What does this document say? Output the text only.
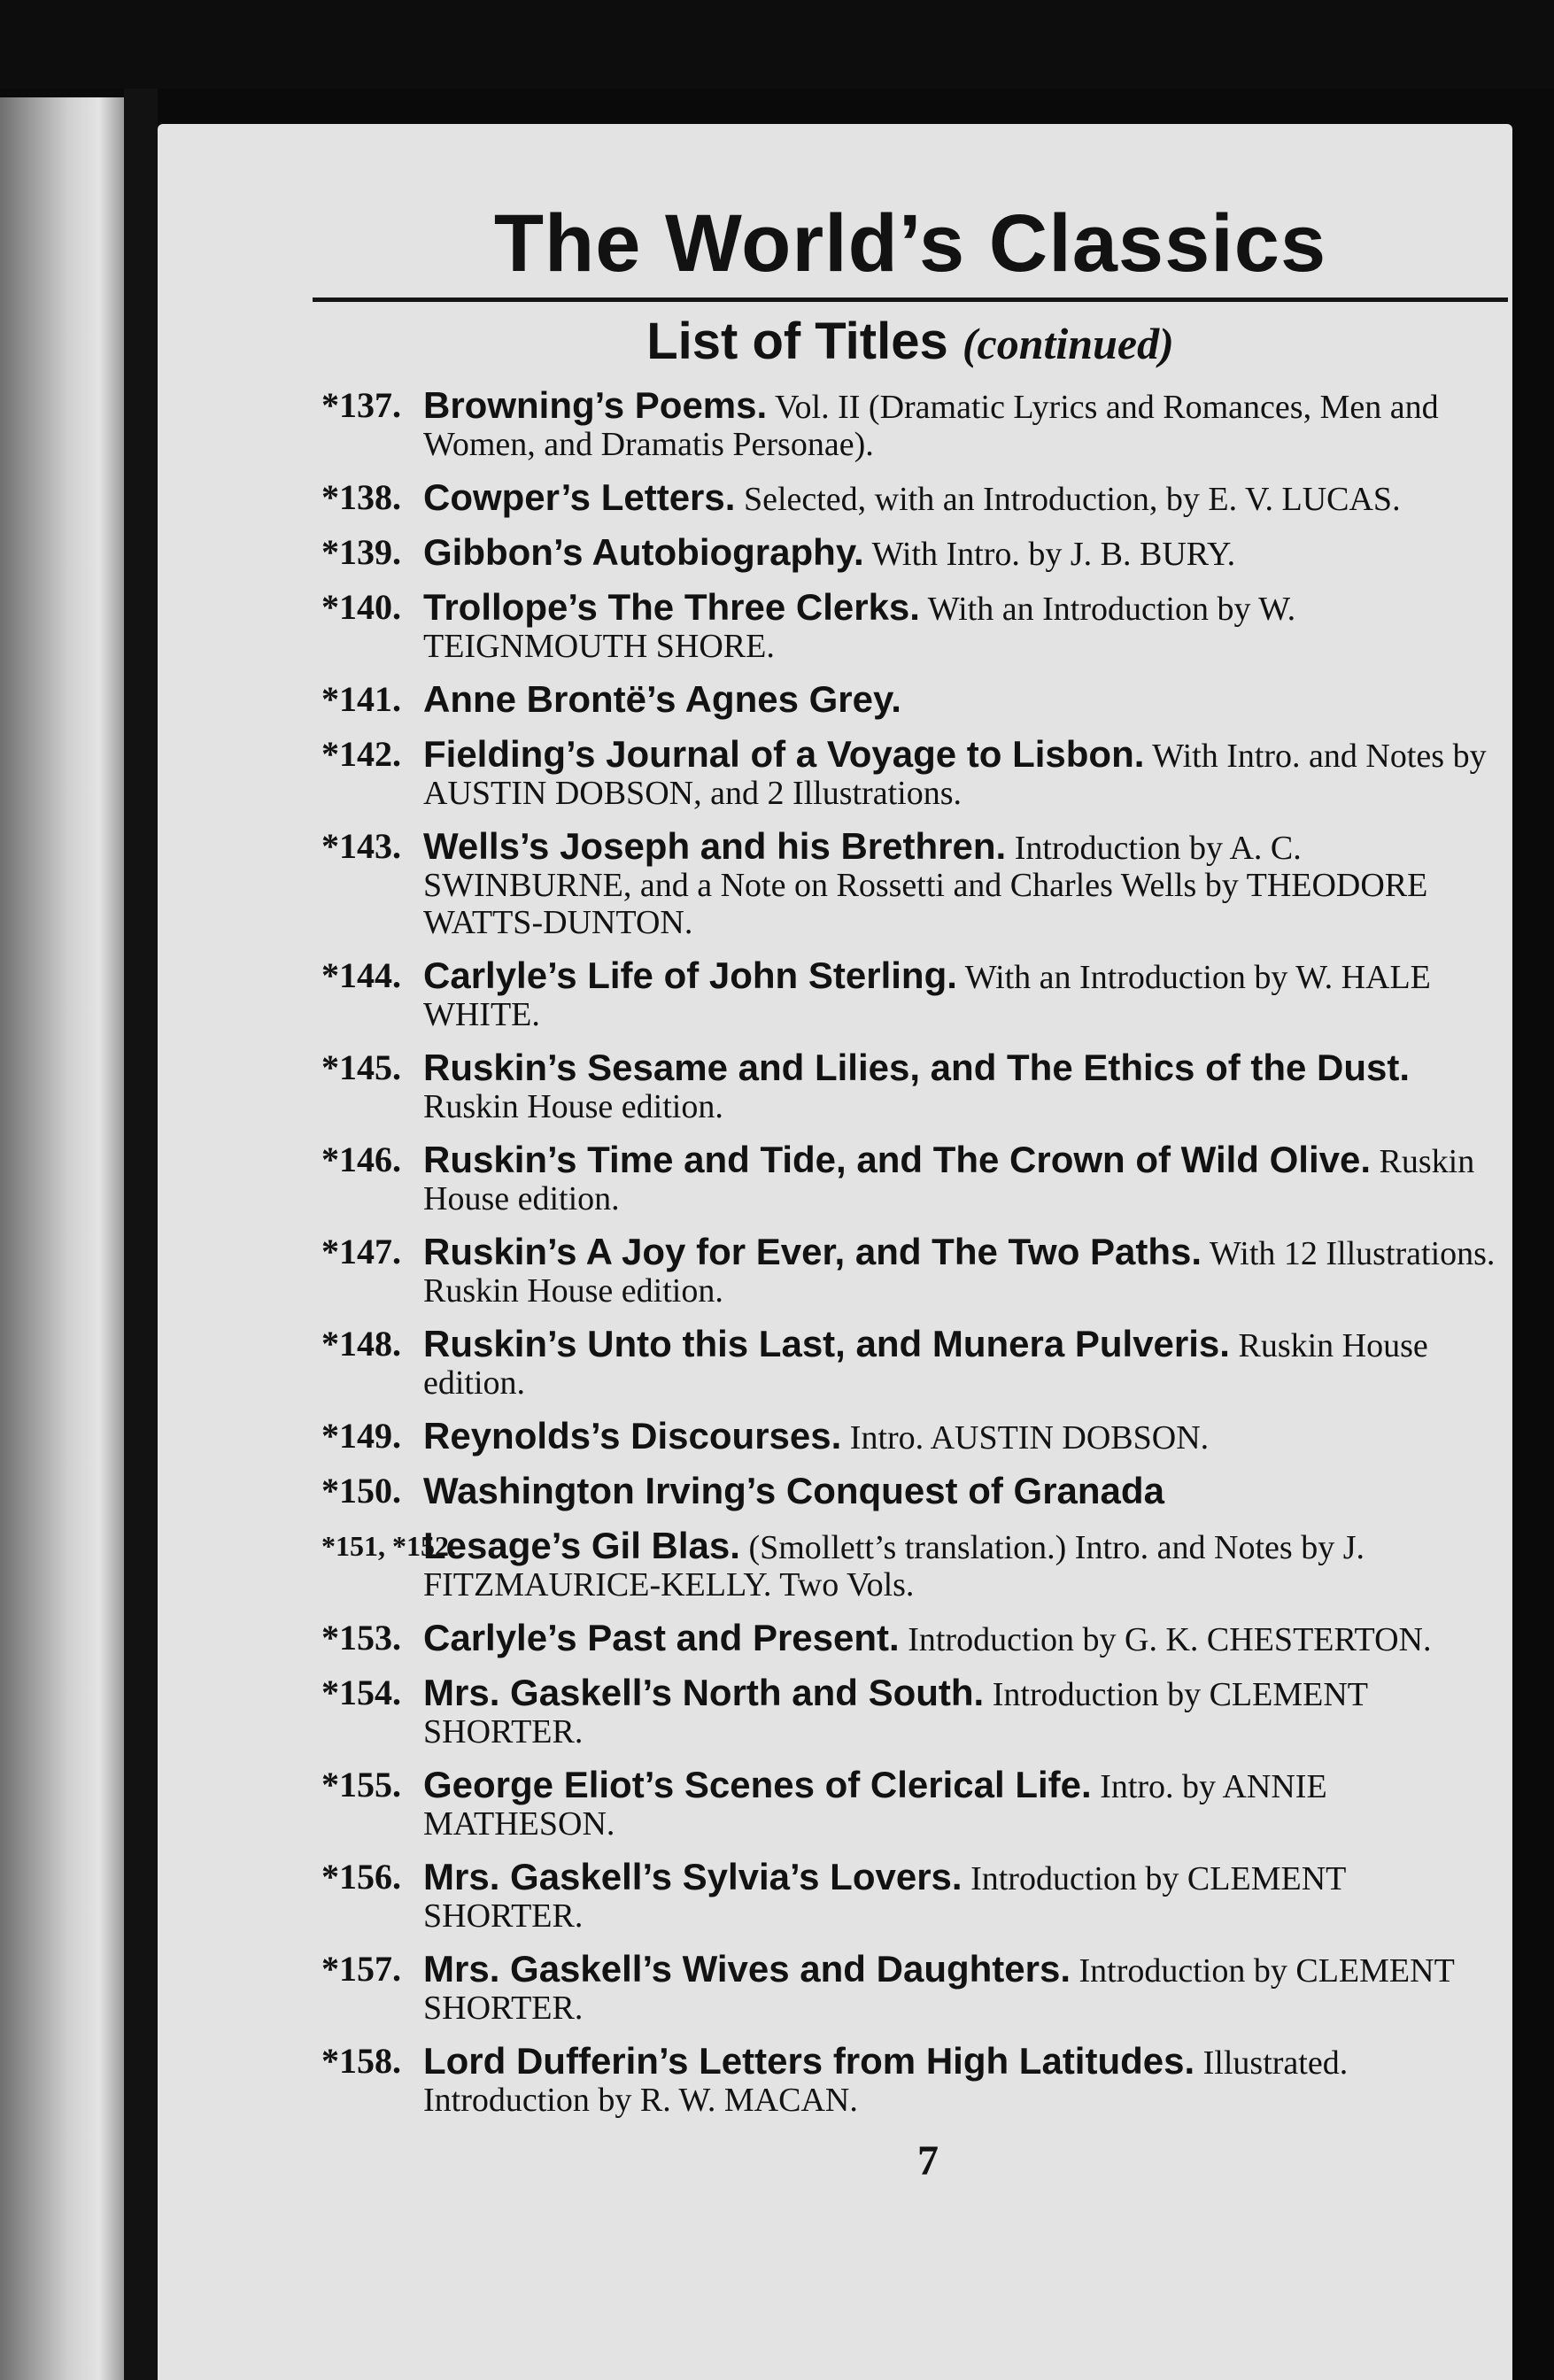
The World’s Classics
List of Titles (continued)
*137. Browning’s Poems. Vol. II (Dramatic Lyrics and Romances, Men and Women, and Dramatis Personae).
*138. Cowper’s Letters. Selected, with an Introduction, by E. V. LUCAS.
*139. Gibbon’s Autobiography. With Intro. by J. B. BURY.
*140. Trollope’s The Three Clerks. With an Introduction by W. TEIGNMOUTH SHORE.
*141. Anne Brontë’s Agnes Grey.
*142. Fielding’s Journal of a Voyage to Lisbon. With Intro. and Notes by AUSTIN DOBSON, and 2 Illustrations.
*143. Wells’s Joseph and his Brethren. Introduction by A. C. SWINBURNE, and a Note on Rossetti and Charles Wells by THEODORE WATTS-DUNTON.
*144. Carlyle’s Life of John Sterling. With an Introduction by W. HALE WHITE.
*145. Ruskin’s Sesame and Lilies, and The Ethics of the Dust. Ruskin House edition.
*146. Ruskin’s Time and Tide, and The Crown of Wild Olive. Ruskin House edition.
*147. Ruskin’s A Joy for Ever, and The Two Paths. With 12 Illustrations. Ruskin House edition.
*148. Ruskin’s Unto this Last, and Munera Pulveris. Ruskin House edition.
*149. Reynolds’s Discourses. Intro. AUSTIN DOBSON.
*150. Washington Irving’s Conquest of Granada
*151, *152.
Lesage’s Gil Blas. (Smollett’s translation.) Intro. and Notes by J. FITZMAURICE-KELLY. Two Vols.
*153. Carlyle’s Past and Present. Introduction by G. K. CHESTERTON.
*154. Mrs. Gaskell’s North and South. Introduction by CLEMENT SHORTER.
*155. George Eliot’s Scenes of Clerical Life. Intro. by ANNIE MATHESON.
*156. Mrs. Gaskell’s Sylvia’s Lovers. Introduction by CLEMENT SHORTER.
*157. Mrs. Gaskell’s Wives and Daughters. Introduction by CLEMENT SHORTER.
*158. Lord Dufferin’s Letters from High Latitudes. Illustrated. Introduction by R. W. MACAN.
7
